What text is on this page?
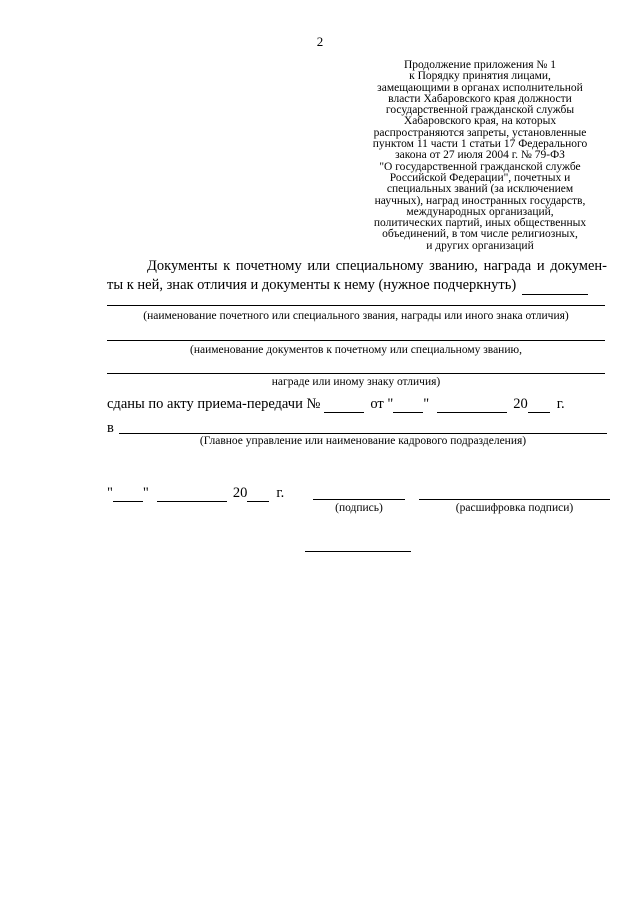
2
Продолжение приложения № 1
к Порядку принятия лицами,
замещающими в органах исполнительной
власти Хабаровского края должности
государственной гражданской службы
Хабаровского края, на которых
распространяются запреты, установленные
пунктом 11 части 1 статьи 17 Федерального
закона от 27 июля 2004 г. № 79-ФЗ
"О государственной гражданской службе
Российской Федерации", почетных и
специальных званий (за исключением
научных), наград иностранных государств,
международных организаций,
политических партий, иных общественных
объединений, в том числе религиозных,
и других организаций
Документы к почетному или специальному званию, награда и докумен-
ты к ней, знак отличия и документы к нему (нужное подчеркнуть)
(наименование почетного или специального звания, награды или иного знака отличия)
(наименование документов к почетному или специальному званию,
награде или иному знаку отличия)
сданы по акту приема-передачи №	от " "	20 г.
в
(Главное управление или наименование кадрового подразделения)
" "	20 г.
(подпись)	(расшифровка подписи)
